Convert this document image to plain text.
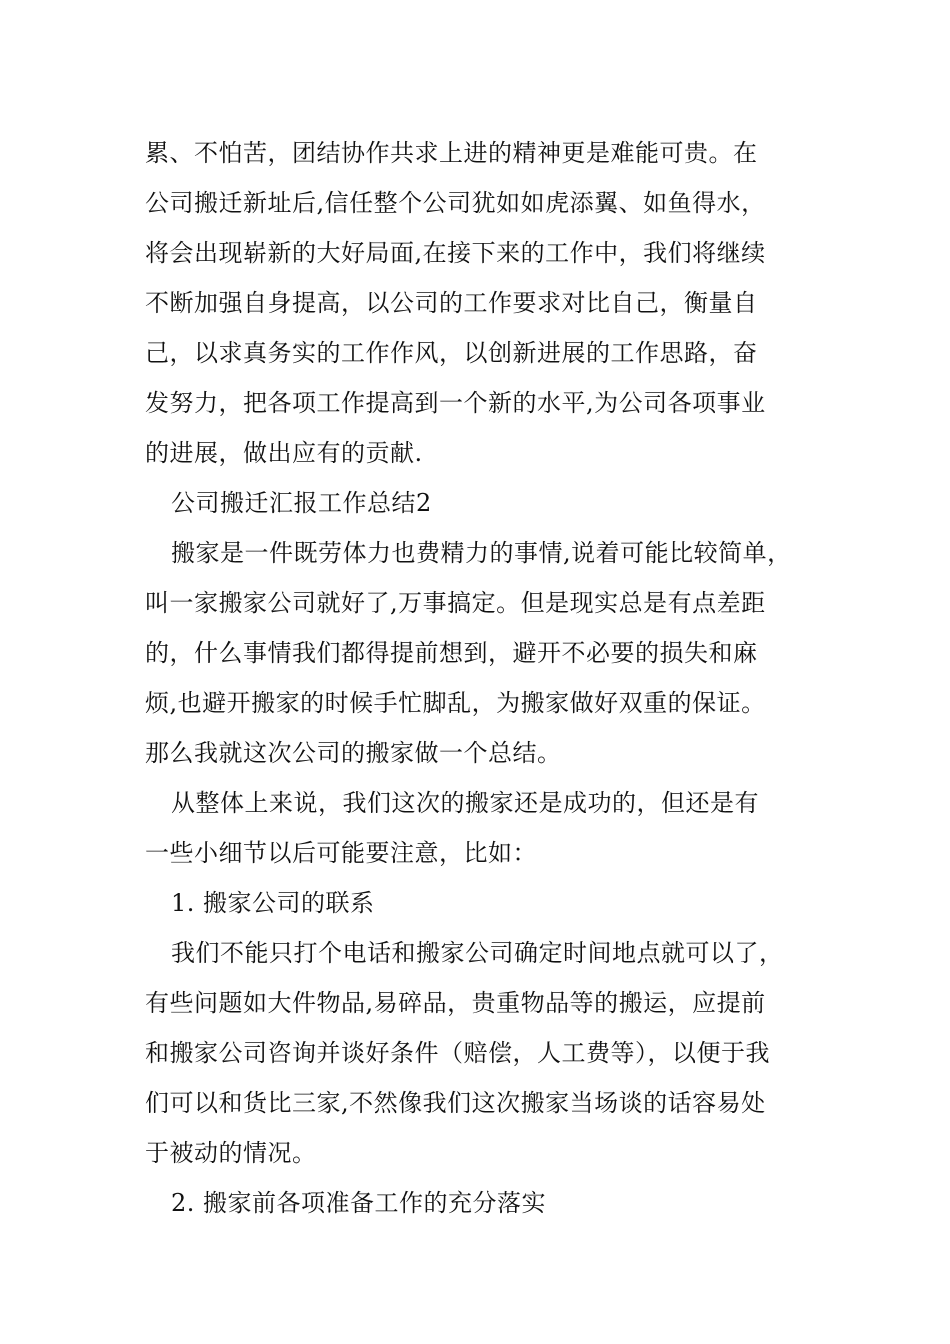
累、不怕苦，团结协作共求上进的精神更是难能可贵。在
公司搬迁新址后,信任整个公司犹如如虎添翼、如鱼得水，
将会出现崭新的大好局面,在接下来的工作中，我们将继续
不断加强自身提高，以公司的工作要求对比自己，衡量自
己，以求真务实的工作作风，以创新进展的工作思路，奋
发努力，把各项工作提高到一个新的水平,为公司各项事业
的进展，做出应有的贡献.
公司搬迁汇报工作总结2
搬家是一件既劳体力也费精力的事情,说着可能比较简单，
叫一家搬家公司就好了,万事搞定。但是现实总是有点差距
的，什么事情我们都得提前想到，避开不必要的损失和麻
烦,也避开搬家的时候手忙脚乱，为搬家做好双重的保证。
那么我就这次公司的搬家做一个总结。
从整体上来说，我们这次的搬家还是成功的，但还是有
一些小细节以后可能要注意，比如：
1. 搬家公司的联系
我们不能只打个电话和搬家公司确定时间地点就可以了，
有些问题如大件物品,易碎品，贵重物品等的搬运，应提前
和搬家公司咨询并谈好条件（赔偿，人工费等），以便于我
们可以和货比三家,不然像我们这次搬家当场谈的话容易处
于被动的情况。
2. 搬家前各项准备工作的充分落实
